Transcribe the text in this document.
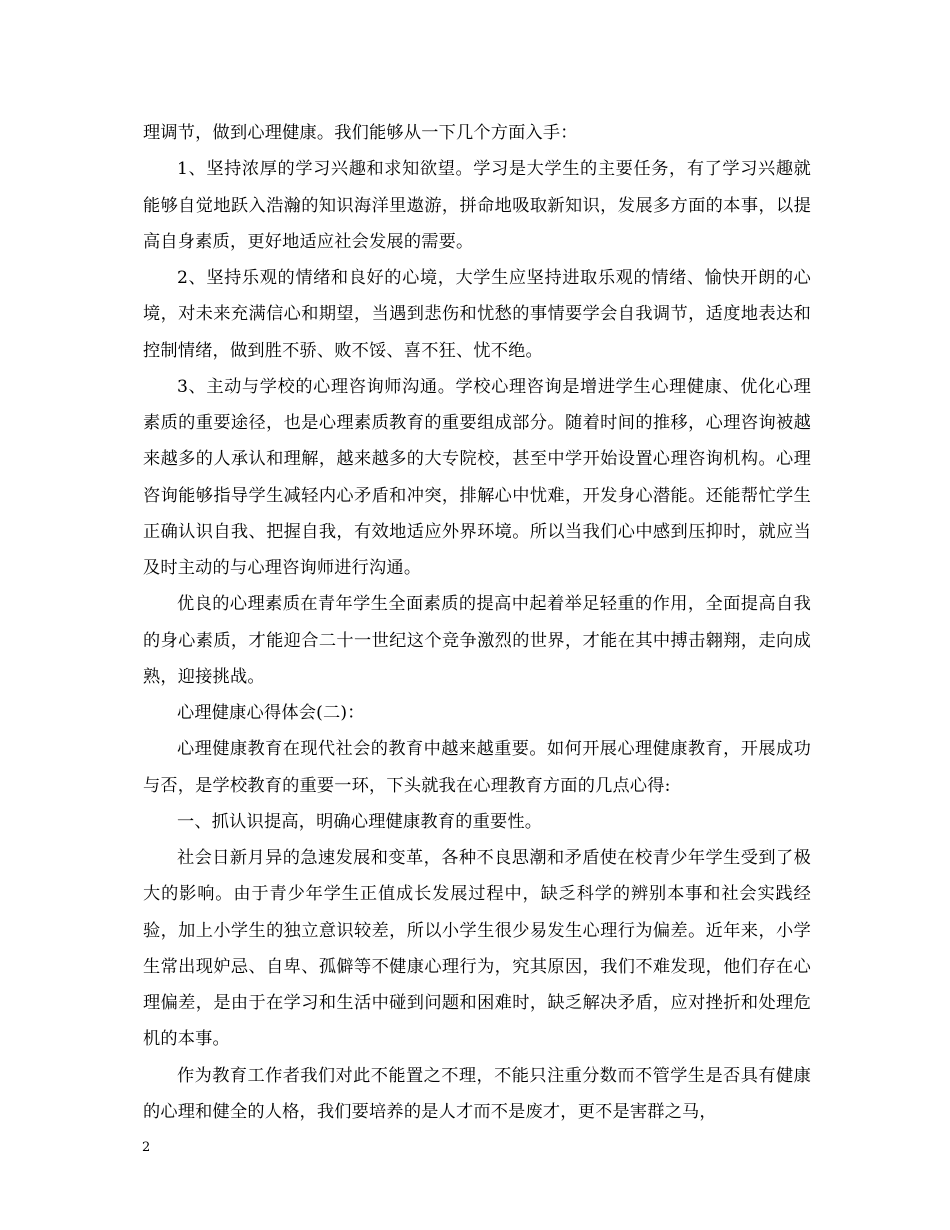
理调节，做到心理健康。我们能够从一下几个方面入手：

1、坚持浓厚的学习兴趣和求知欲望。学习是大学生的主要任务，有了学习兴趣就能够自觉地跃入浩瀚的知识海洋里遨游，拼命地吸取新知识，发展多方面的本事，以提高自身素质，更好地适应社会发展的需要。

2、坚持乐观的情绪和良好的心境，大学生应坚持进取乐观的情绪、愉快开朗的心境，对未来充满信心和期望，当遇到悲伤和忧愁的事情要学会自我调节，适度地表达和控制情绪，做到胜不骄、败不馁、喜不狂、忧不绝。

3、主动与学校的心理咨询师沟通。学校心理咨询是增进学生心理健康、优化心理素质的重要途径，也是心理素质教育的重要组成部分。随着时间的推移，心理咨询被越来越多的人承认和理解，越来越多的大专院校，甚至中学开始设置心理咨询机构。心理咨询能够指导学生减轻内心矛盾和冲突，排解心中忧难，开发身心潜能。还能帮忙学生正确认识自我、把握自我，有效地适应外界环境。所以当我们心中感到压抑时，就应当及时主动的与心理咨询师进行沟通。

优良的心理素质在青年学生全面素质的提高中起着举足轻重的作用，全面提高自我的身心素质，才能迎合二十一世纪这个竞争激烈的世界，才能在其中搏击翱翔，走向成熟，迎接挑战。

心理健康心得体会(二)：

心理健康教育在现代社会的教育中越来越重要。如何开展心理健康教育，开展成功与否，是学校教育的重要一环，下头就我在心理教育方面的几点心得:

一、抓认识提高，明确心理健康教育的重要性。

社会日新月异的急速发展和变革，各种不良思潮和矛盾使在校青少年学生受到了极大的影响。由于青少年学生正值成长发展过程中，缺乏科学的辨别本事和社会实践经验，加上小学生的独立意识较差，所以小学生很少易发生心理行为偏差。近年来，小学生常出现妒忌、自卑、孤僻等不健康心理行为，究其原因，我们不难发现，他们存在心理偏差，是由于在学习和生活中碰到问题和困难时，缺乏解决矛盾，应对挫折和处理危机的本事。

作为教育工作者我们对此不能置之不理，不能只注重分数而不管学生是否具有健康的心理和健全的人格，我们要培养的是人才而不是废才，更不是害群之马，

2
